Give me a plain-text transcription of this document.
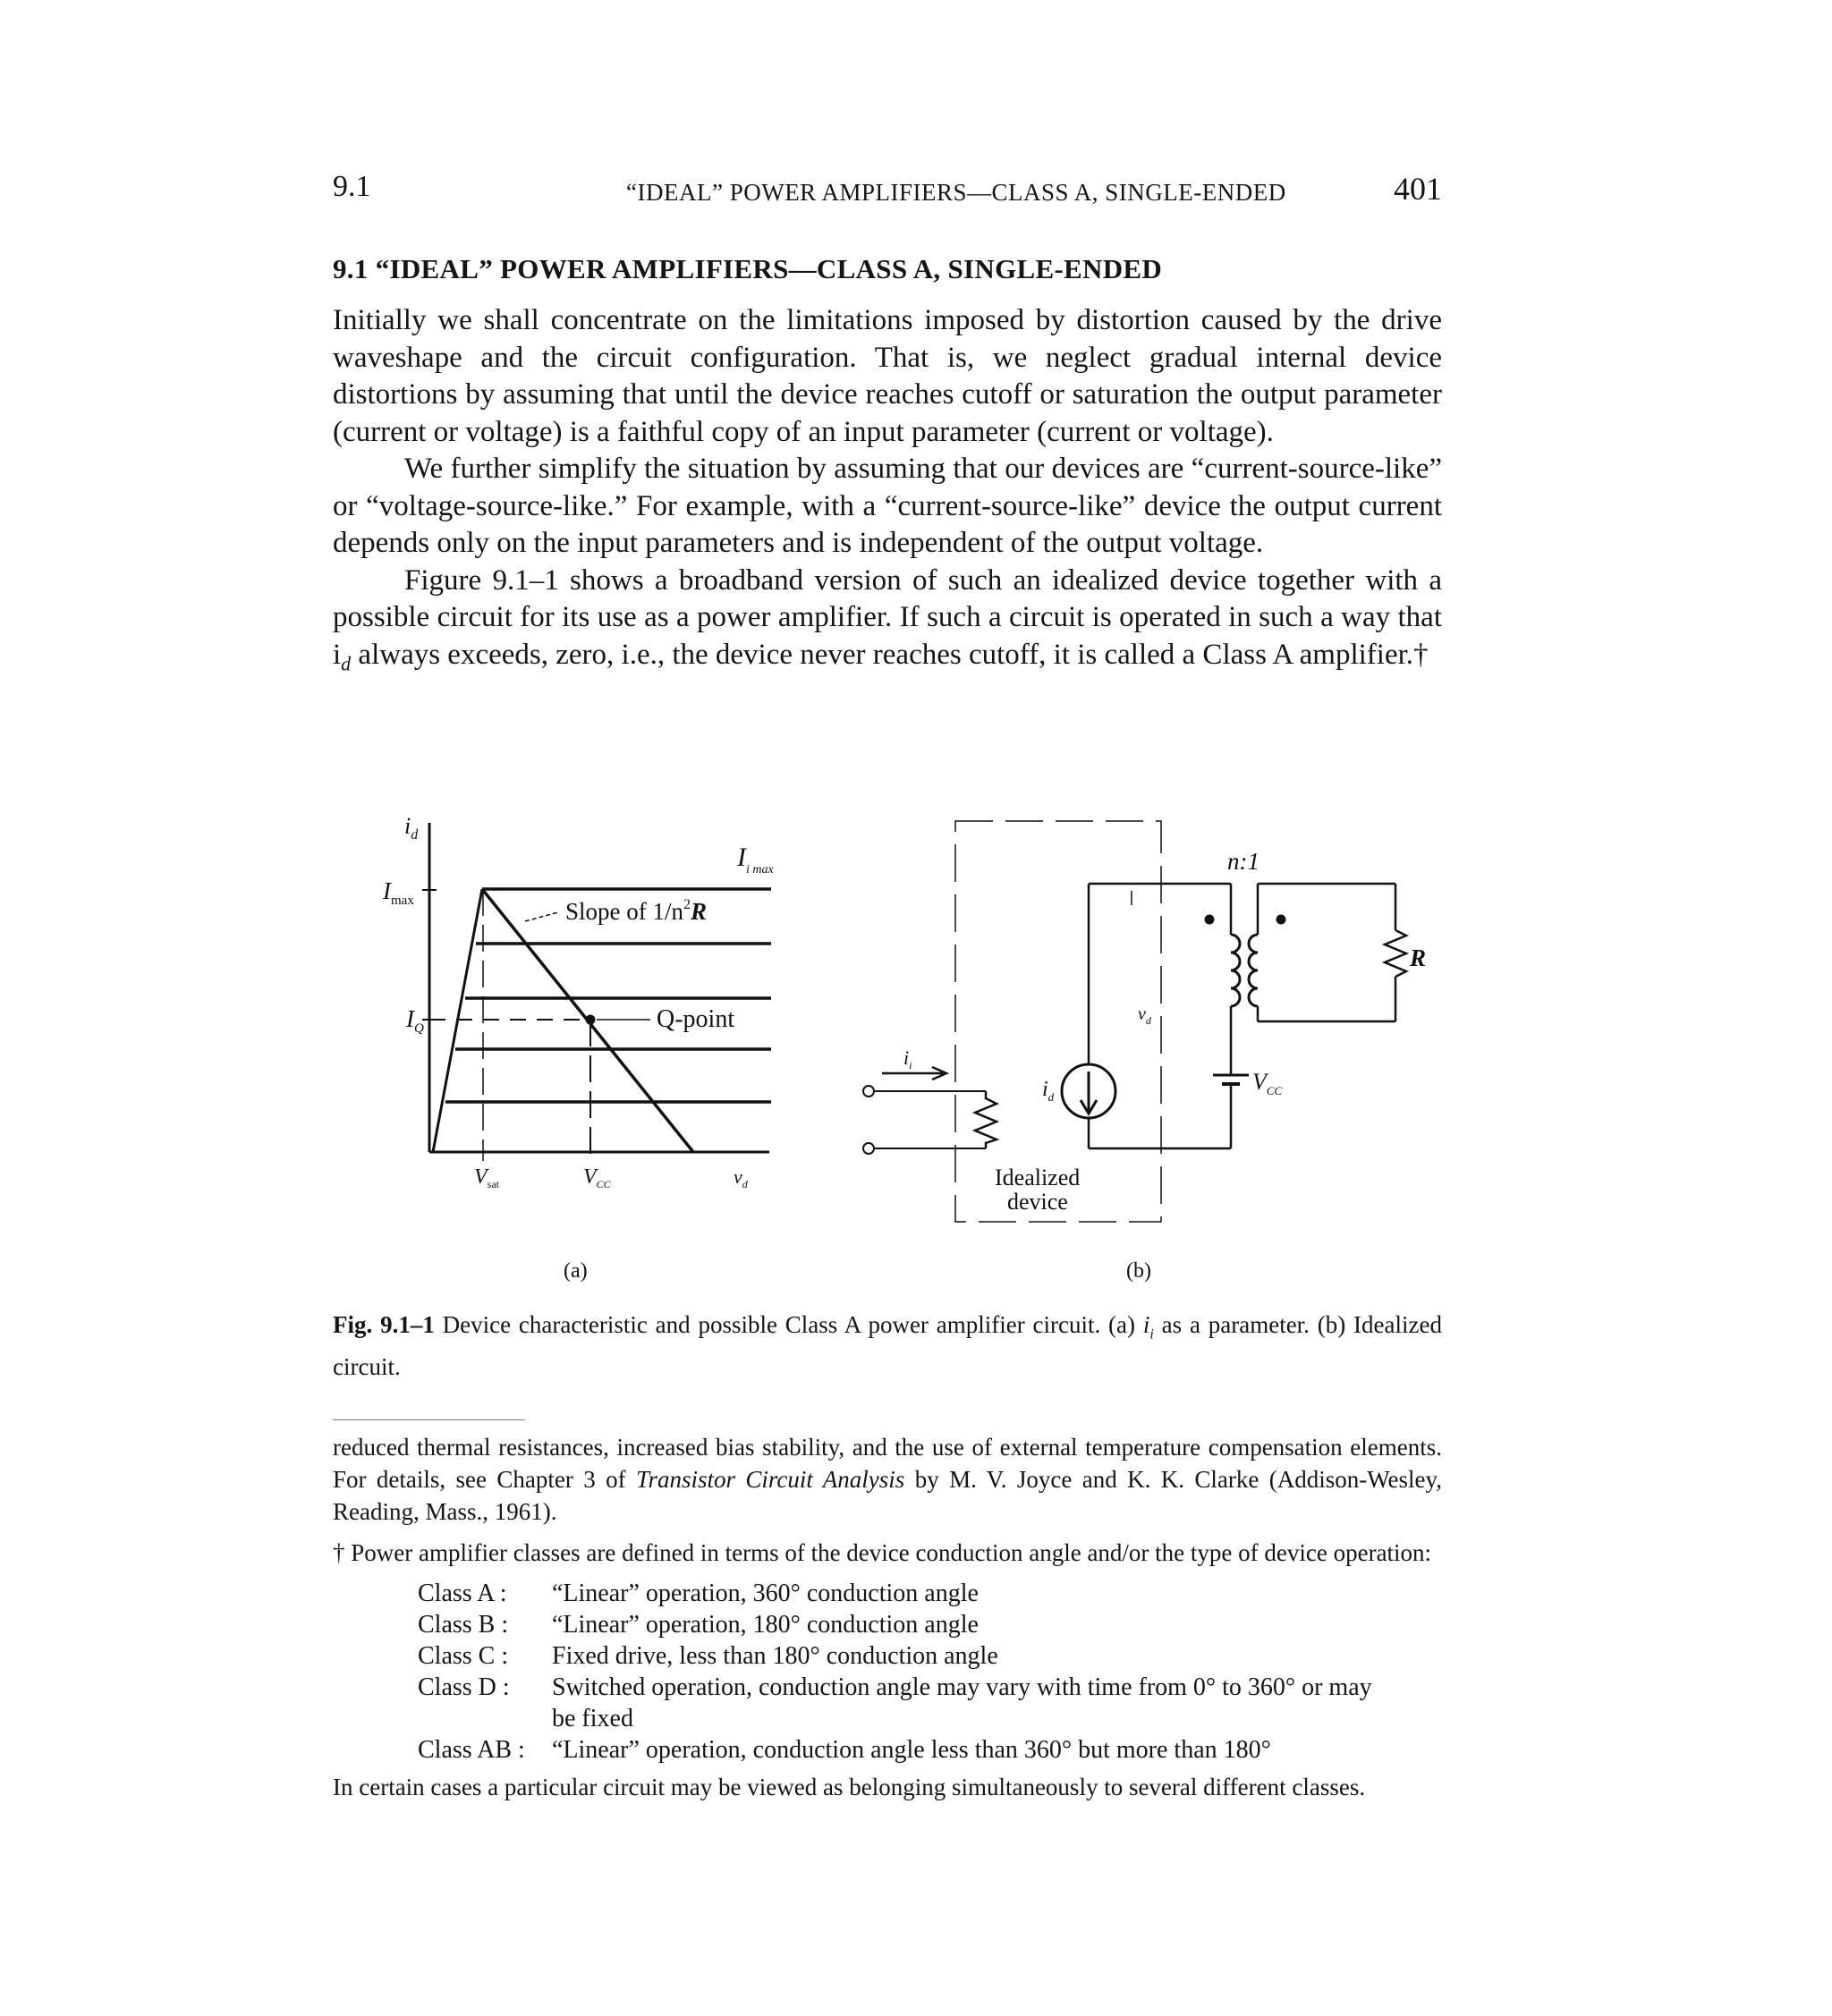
9.1	“IDEAL” POWER AMPLIFIERS—CLASS A, SINGLE-ENDED	401
9.1 “IDEAL” POWER AMPLIFIERS—CLASS A, SINGLE-ENDED

Initially we shall concentrate on the limitations imposed by distortion caused by the drive waveshape and the circuit configuration. That is, we neglect gradual internal device distortions by assuming that until the device reaches cutoff or saturation the output parameter (current or voltage) is a faithful copy of an input parameter (current or voltage).

We further simplify the situation by assuming that our devices are “current-source-like” or “voltage-source-like.” For example, with a “current-source-like” device the output current depends only on the input parameters and is independent of the output voltage.

Figure 9.1–1 shows a broadband version of such an idealized device together with a possible circuit for its use as a power amplifier. If such a circuit is operated in such a way that $i_d$ always exceeds, zero, i.e., the device never reaches cutoff, it is called a Class A amplifier.†

$i_d$
$I_{max}$
$I_Q$
$I_{i max}$
Slope of $1/n^2R$
Q-point
$V_{sat}$	$V_{CC}$	$v_d$
(a)
$i_i$
$i_d$
$v_d$
n:1
R
$V_{CC}$
Idealized
device
(b)
Fig. 9.1–1 Device characteristic and possible Class A power amplifier circuit. (a) $i_i$ as a parameter. (b) Idealized circuit.

reduced thermal resistances, increased bias stability, and the use of external temperature compensation elements. For details, see Chapter 3 of Transistor Circuit Analysis by M. V. Joyce and K. K. Clarke (Addison-Wesley, Reading, Mass., 1961).

† Power amplifier classes are defined in terms of the device conduction angle and/or the type of device operation:

Class A :	“Linear” operation, 360° conduction angle
Class B :	“Linear” operation, 180° conduction angle
Class C :	Fixed drive, less than 180° conduction angle
Class D :	Switched operation, conduction angle may vary with time from 0° to 360° or may be fixed
Class AB :	“Linear” operation, conduction angle less than 360° but more than 180°

In certain cases a particular circuit may be viewed as belonging simultaneously to several different classes.
